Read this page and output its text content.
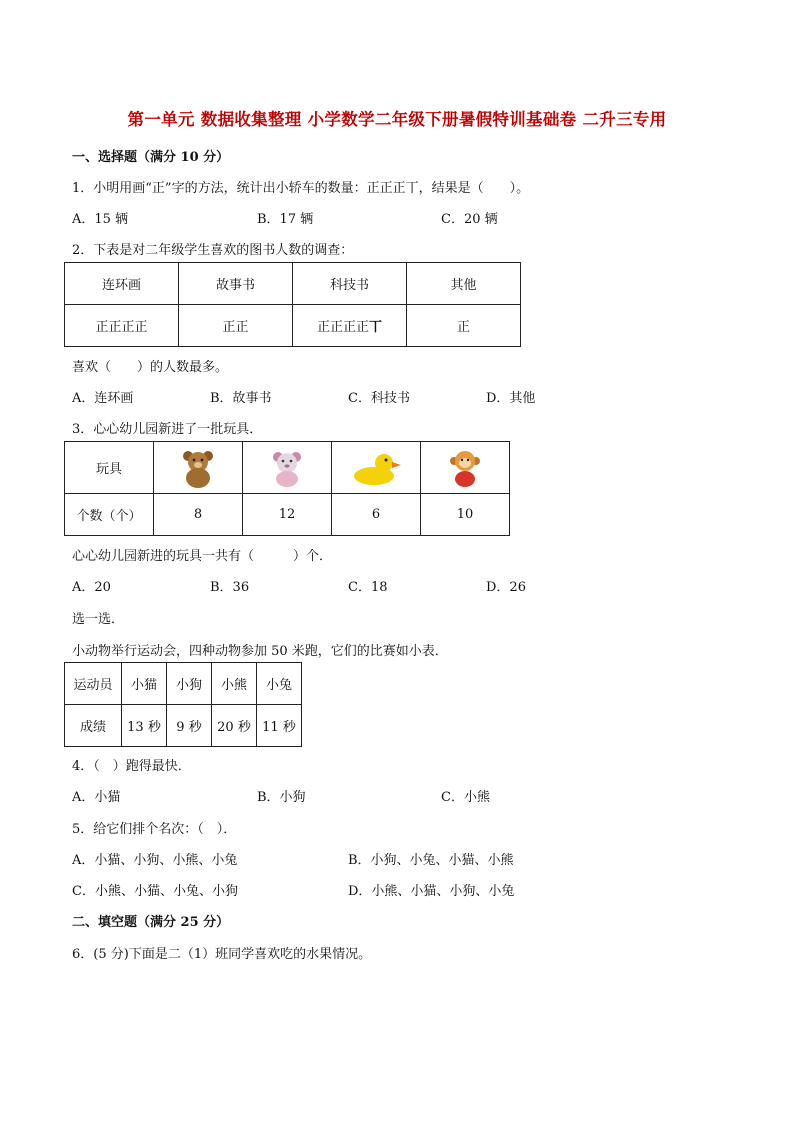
第一单元 数据收集整理 小学数学二年级下册暑假特训基础卷 二升三专用
一、选择题（满分 10 分）
1．小明用画“正”字的方法，统计出小轿车的数量：正正正丅，结果是（　　）。
A．15 辆	B．17 辆	C．20 辆
2．下表是对二年级学生喜欢的图书人数的调查：
连环画	故事书	科技书	其他
正正正正	正正	正正正正丅	正
喜欢（　　）的人数最多。
A．连环画	B．故事书	C．科技书	D．其他
3．心心幼儿园新进了一批玩具．
玩具	

个数（个）	8	12	6	10
心心幼儿园新进的玩具一共有（　　　）个．
A．20	B．36	C．18	D．26
选一选．
小动物举行运动会，四种动物参加 50 米跑，它们的比赛如小表．
运动员	小猫	小狗	小熊	小兔
成绩	13 秒	9 秒	20 秒	11 秒
4．（　）跑得最快．
A．小猫	B．小狗	C．小熊
5．给它们排个名次：（　）．
A．小猫、小狗、小熊、小兔	B．小狗、小兔、小猫、小熊
C．小熊、小猫、小兔、小狗	D．小熊、小猫、小狗、小兔
二、填空题（满分 25 分）
6．(5 分)下面是二（1）班同学喜欢吃的水果情况。
